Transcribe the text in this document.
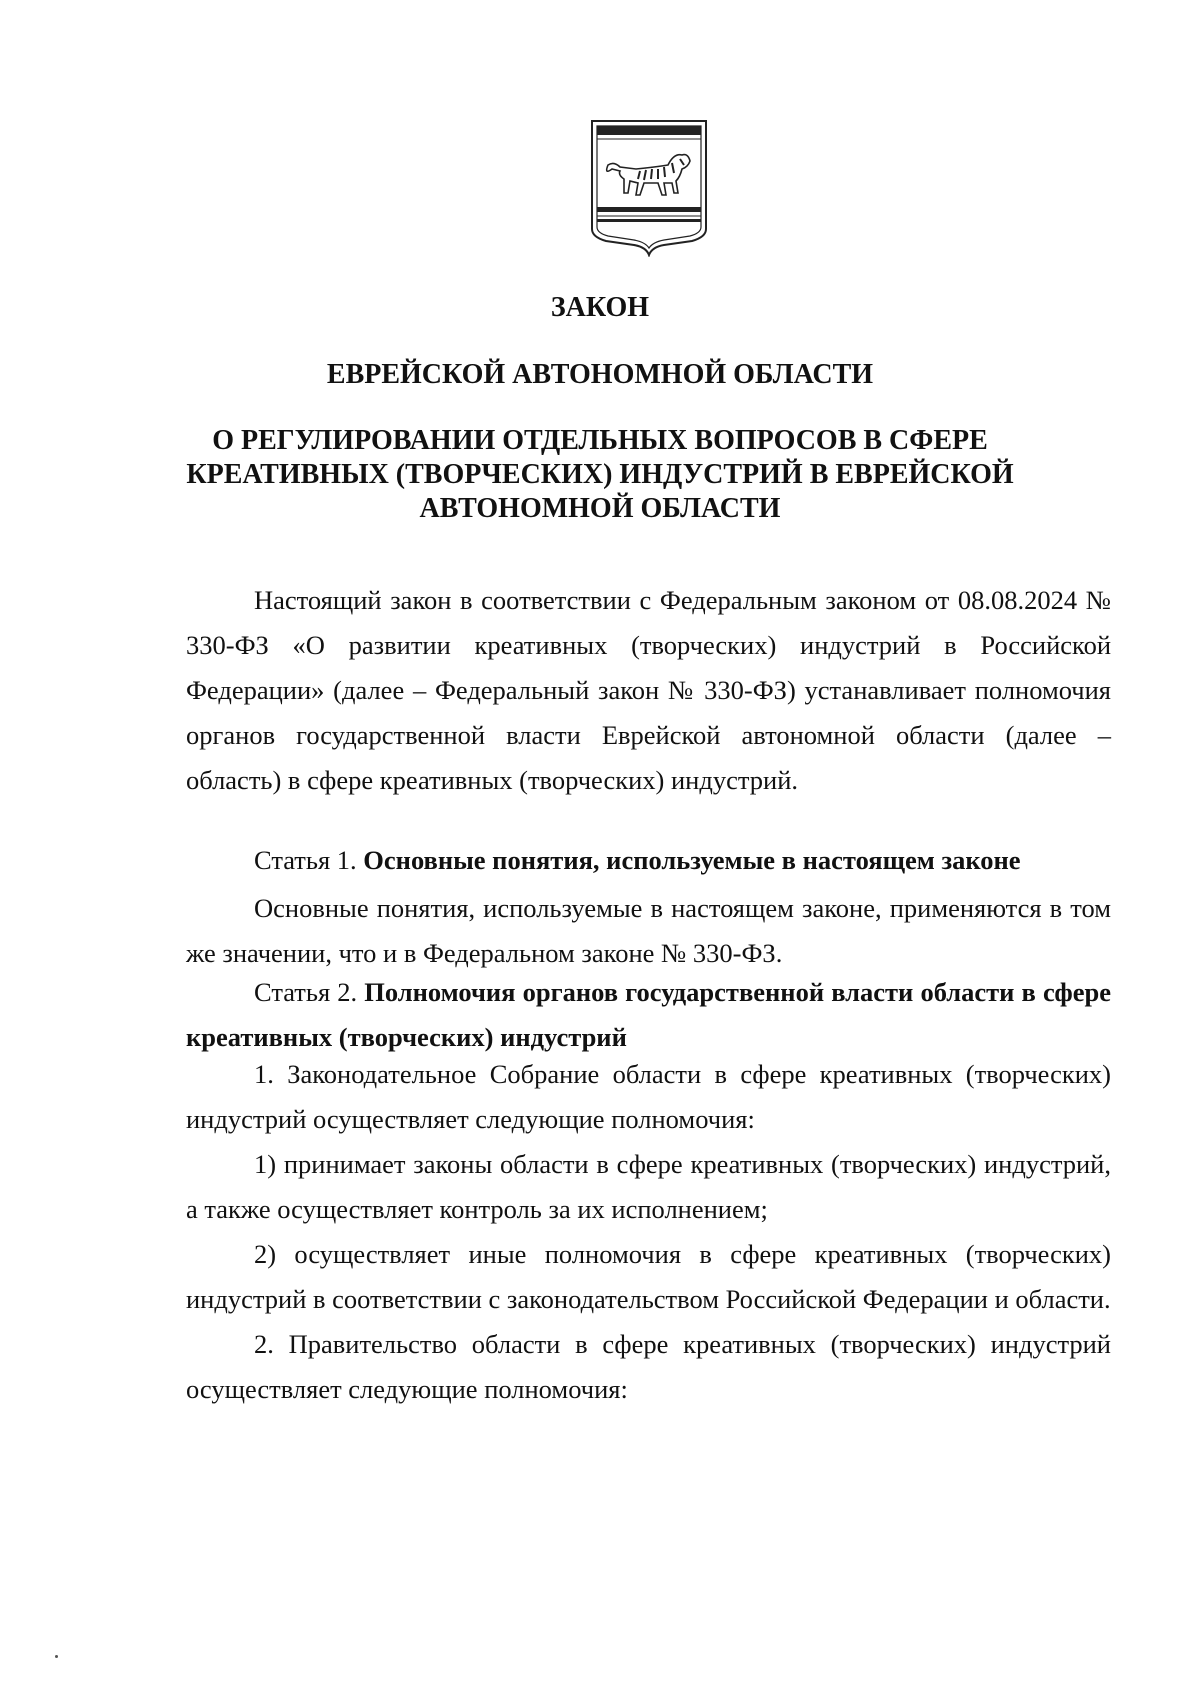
ЗАКОН
ЕВРЕЙСКОЙ АВТОНОМНОЙ ОБЛАСТИ
О РЕГУЛИРОВАНИИ ОТДЕЛЬНЫХ ВОПРОСОВ В СФЕРЕ
КРЕАТИВНЫХ (ТВОРЧЕСКИХ) ИНДУСТРИЙ В ЕВРЕЙСКОЙ
АВТОНОМНОЙ ОБЛАСТИ

Настоящий закон в соответствии с Федеральным законом от 08.08.2024 № 330-ФЗ «О развитии креативных (творческих) индустрий в Российской Федерации» (далее – Федеральный закон № 330-ФЗ) устанавливает полномочия органов государственной власти Еврейской автономной области (далее – область) в сфере креативных (творческих) индустрий.

Статья 1. Основные понятия, используемые в настоящем законе

Основные понятия, используемые в настоящем законе, применяются в том же значении, что и в Федеральном законе № 330-ФЗ.

Статья 2. Полномочия органов государственной власти области в сфере креативных (творческих) индустрий

1. Законодательное Собрание области в сфере креативных (творческих) индустрий осуществляет следующие полномочия:

1) принимает законы области в сфере креативных (творческих) индустрий, а также осуществляет контроль за их исполнением;

2) осуществляет иные полномочия в сфере креативных (творческих) индустрий в соответствии с законодательством Российской Федерации и области.

2. Правительство области в сфере креативных (творческих) индустрий осуществляет следующие полномочия:
